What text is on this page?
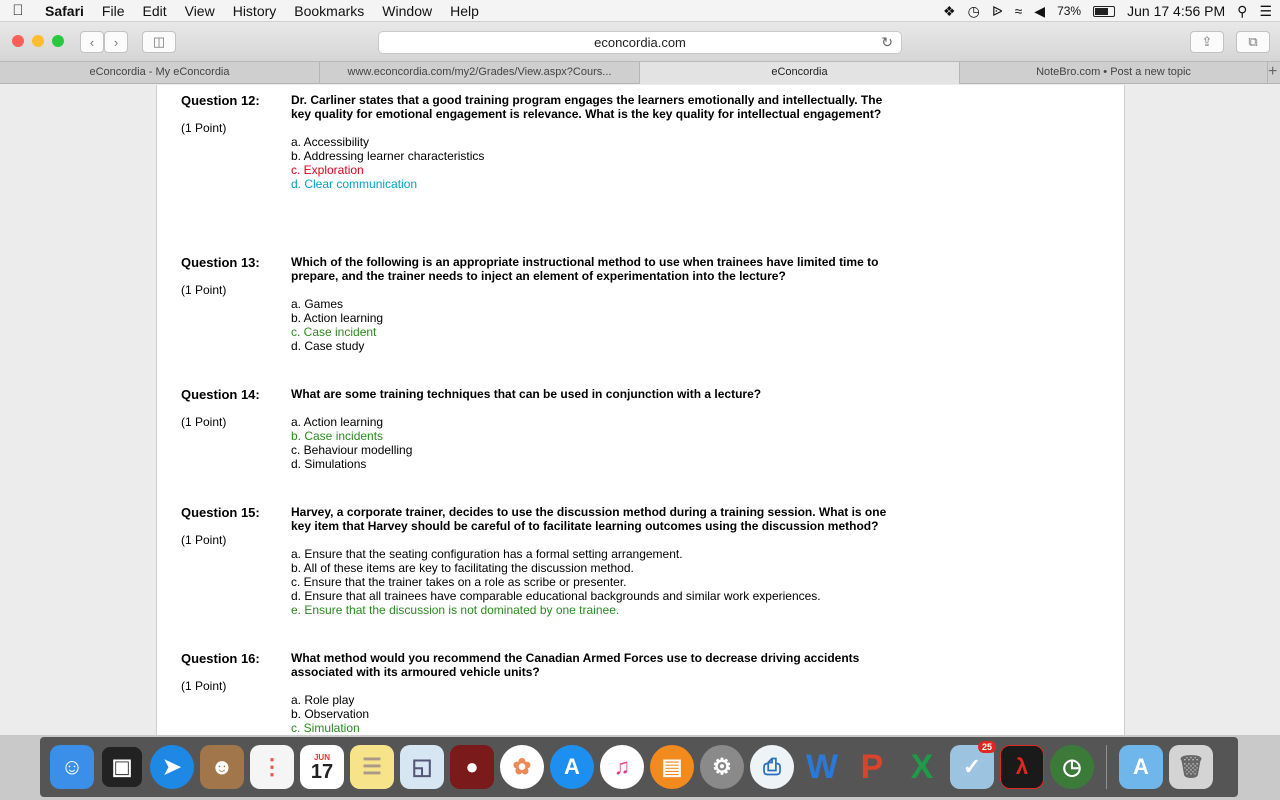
Safari	File	Edit	View	History	Bookmarks	Window	Help	❖ ◷ ᐉ ≈ ◀ 73%	Jun 17 4:56 PM ⚲ ☰
‹ ›	◫	econcordia.com	↻	⇪	⧉
eConcordia - My eConcordia	www.econcordia.com/my2/Grades/View.aspx?Cours...	eConcordia	NoteBro.com • Post a new topic	+
Question 12:
(1 Point)
Dr. Carliner states that a good training program engages the learners emotionally and intellectually. The key quality for emotional engagement is relevance. What is the key quality for intellectual engagement?
a. Accessibility
b. Addressing learner characteristics
c. Exploration
d. Clear communication
Question 13:
(1 Point)
Which of the following is an appropriate instructional method to use when trainees have limited time to prepare, and the trainer needs to inject an element of experimentation into the lecture?
a. Games
b. Action learning
c. Case incident
d. Case study
Question 14:
(1 Point)
What are some training techniques that can be used in conjunction with a lecture?
a. Action learning
b. Case incidents
c. Behaviour modelling
d. Simulations
Question 15:
(1 Point)
Harvey, a corporate trainer, decides to use the discussion method during a training session. What is one key item that Harvey should be careful of to facilitate learning outcomes using the discussion method?
a. Ensure that the seating configuration has a formal setting arrangement.
b. All of these items are key to facilitating the discussion method.
c. Ensure that the trainer takes on a role as scribe or presenter.
d. Ensure that all trainees have comparable educational backgrounds and similar work experiences.
e. Ensure that the discussion is not dominated by one trainee.
Question 16:
(1 Point)
What method would you recommend the Canadian Armed Forces use to decrease driving accidents associated with its armoured vehicle units?
a. Role play
b. Observation
c. Simulation
☺	▣	➤	☻	⋮	JUN
17	☰	◱	●	✿	A	♫	▤	⚙	⎙ W P X	✓
25
λ	◷	A	🗑
